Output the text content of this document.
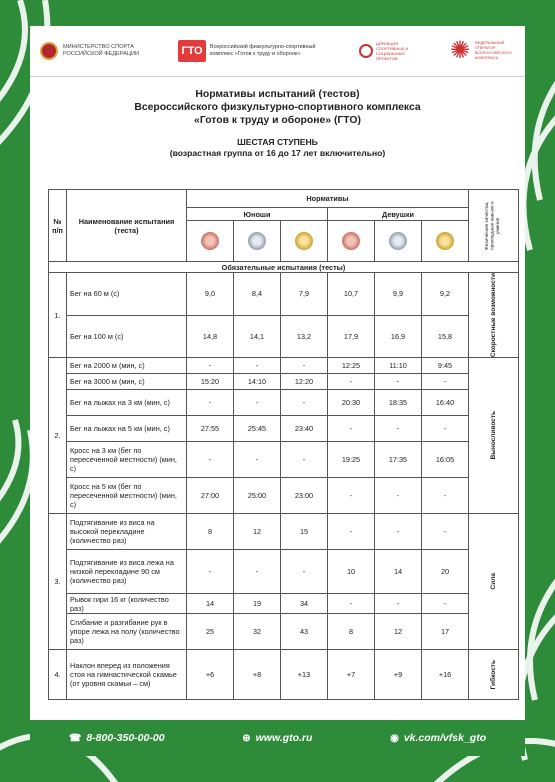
МИНИСТЕРСТВО СПОРТА РОССИЙСКОЙ ФЕДЕРАЦИИ	ГТО	Всероссийский физкультурно-спортивный комплекс «Готов к труду и обороне»
ДИРЕКЦИЯ СПОРТИВНЫХ И СОЦИАЛЬНЫХ ПРОЕКТОВ	✺	ФЕДЕРАЛЬНЫЙ ОПЕРАТОР ВСЕРОССИЙСКОГО КОМПЛЕКСА
Нормативы испытаний (тестов)
Всероссийского физкультурно-спортивного комплекса
«Готов к труду и обороне» (ГТО)
ШЕСТАЯ СТУПЕНЬ
(возрастная группа от 16 до 17 лет включительно)
№ п/п	Наименование испытания (теста)	Нормативы						Физические качества, прикладные навыки и умения

		Юноши			Девушки			

Обязательные испытания (тесты)								
1.	Бег на 60 м (с)	9,0	8,4	7,9	10,7	9,9	9,2	Скоростные возможности

	Бег на 100 м (с)	14,8	14,1	13,2	17,9	16,9	15,8	
2.	Бег на 2000 м (мин, с)	-	-	-	12:25	11:10	9:45	Выносливость

	Бег на 3000 м (мин, с)	15:20	14:10	12:20	-	-	-	
	Бег на лыжах на 3 км (мин, с)	-	-	-	20:30	18:35	16:40	
	Бег на лыжах на 5 км (мин, с)	27:55	25:45	23:40	-	-	-	
	Кросс на 3 км (бег по пересеченной местности) (мин, с)	-	-	-	19:25	17:35	16:05	
	Кросс на 5 км (бег по пересеченной местности) (мин, с)	27:00	25:00	23:00	-	-	-	
3.	Подтягивание из виса на высокой перекладине (количество раз)	8	12	15	-	-	-	Сила

	Подтягивание из виса лежа на низкой перекладине 90 см (количество раз)	-	-	-	10	14	20	
	Рывок гири 16 кг (количество раз)	14	19	34	-	-	-	
	Сгибание и разгибание рук в упоре лежа на полу (количество раз)	25	32	43	8	12	17	
4.	Наклон вперед из положения стоя на гимнастической скамье (от уровня скамьи – см)	+6	+8	+13	+7	+9	+16	Гибкость
☎ 8-800-350-00-00	⊕ www.gto.ru	◉ vk.com/vfsk_gto
